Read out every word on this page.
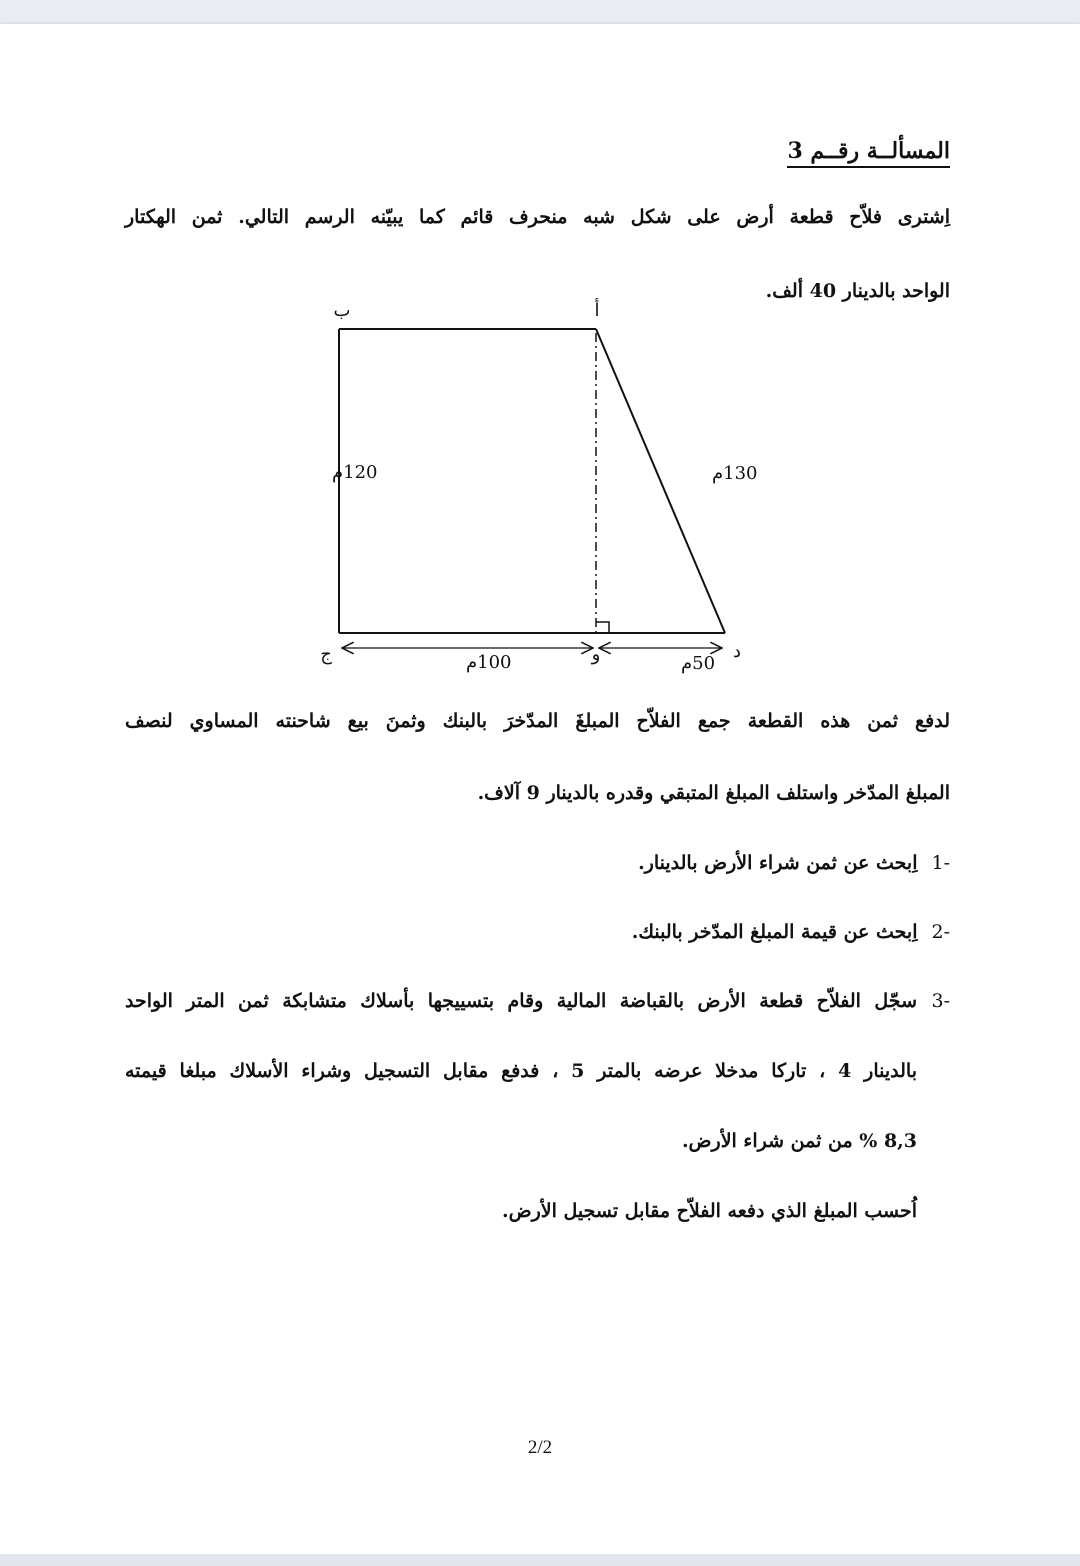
المسألــة رقــم 3
اِشترى فلاّح قطعة أرض على شكل شبه منحرف قائم كما يبيّنه الرسم التالي. ثمن الهكتار
الواحد بالدينار 40 ألف.
ب	أ
ج	د
و
120م	130م
100م	50م
لدفع ثمن هذه القطعة جمع الفلاّح المبلغَ المدّخرَ بالبنك وثمنَ بيع شاحنته المساوي لنصف
المبلغ المدّخر واستلف المبلغ المتبقي وقدره بالدينار 9 آلاف.
-1اِبحث عن ثمن شراء الأرض بالدينار.
-2اِبحث عن قيمة المبلغ المدّخر بالبنك.
-3
سجّل الفلاّح قطعة الأرض بالقباضة المالية وقام بتسييجها بأسلاك متشابكة ثمن المتر الواحد
بالدينار 4 ، تاركا مدخلا عرضه بالمتر 5 ، فدفع مقابل التسجيل وشراء الأسلاك مبلغا قيمته
8,3 % من ثمن شراء الأرض.
اُحسب المبلغ الذي دفعه الفلاّح مقابل تسجيل الأرض.
2/2
